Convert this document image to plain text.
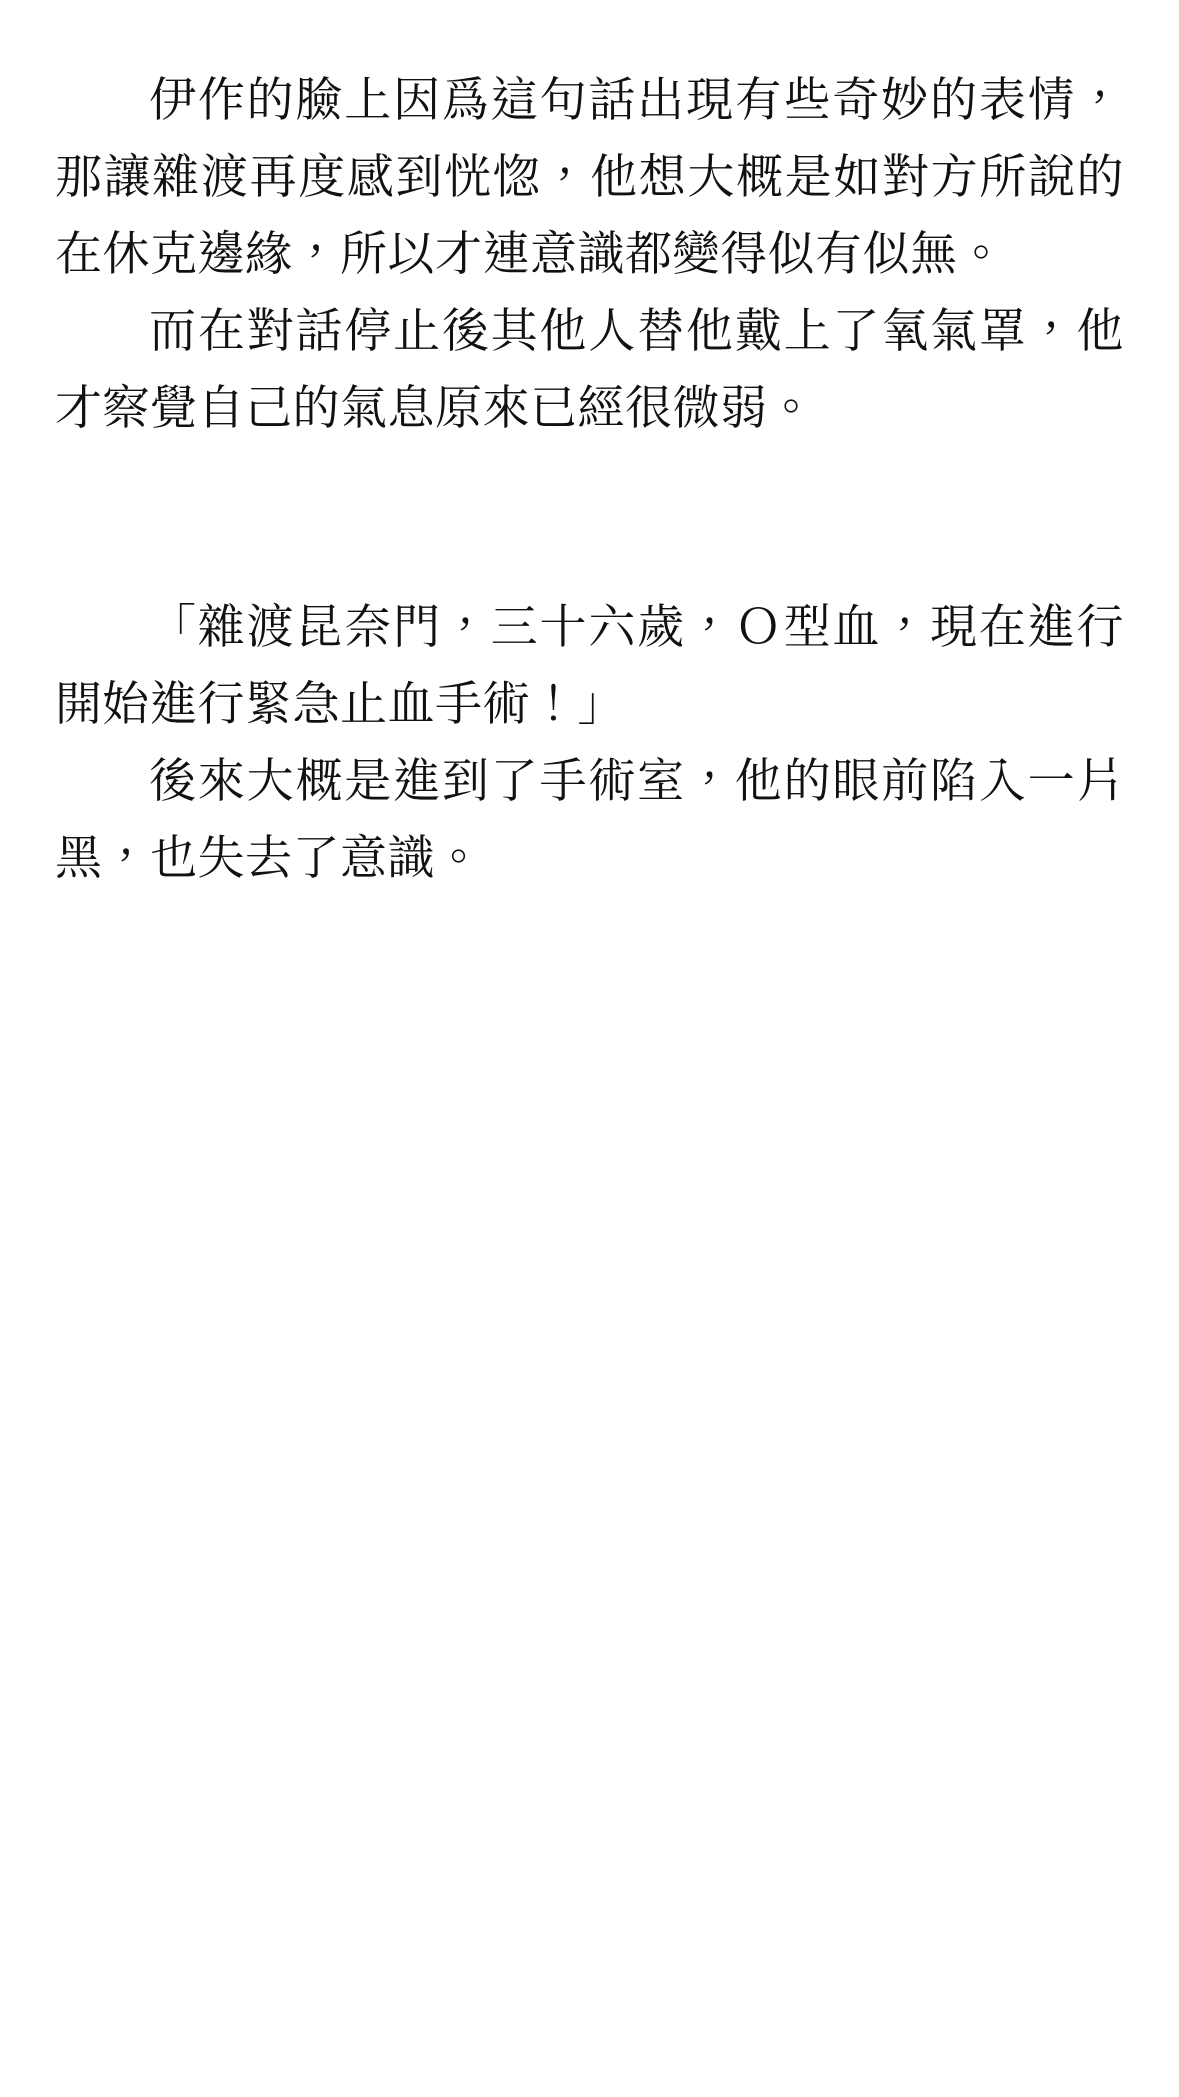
伊作的臉上因爲這句話出現有些奇妙的表情，那讓雜渡再度感到恍惚，他想大概是如對方所說的在休克邊緣，所以才連意識都變得似有似無。

而在對話停止後其他人替他戴上了氧氣罩，他才察覺自己的氣息原來已經很微弱。

「雜渡昆奈門，三十六歲，Ｏ型血，現在進行開始進行緊急止血手術！」

後來大概是進到了手術室，他的眼前陷入一片黑，也失去了意識。
